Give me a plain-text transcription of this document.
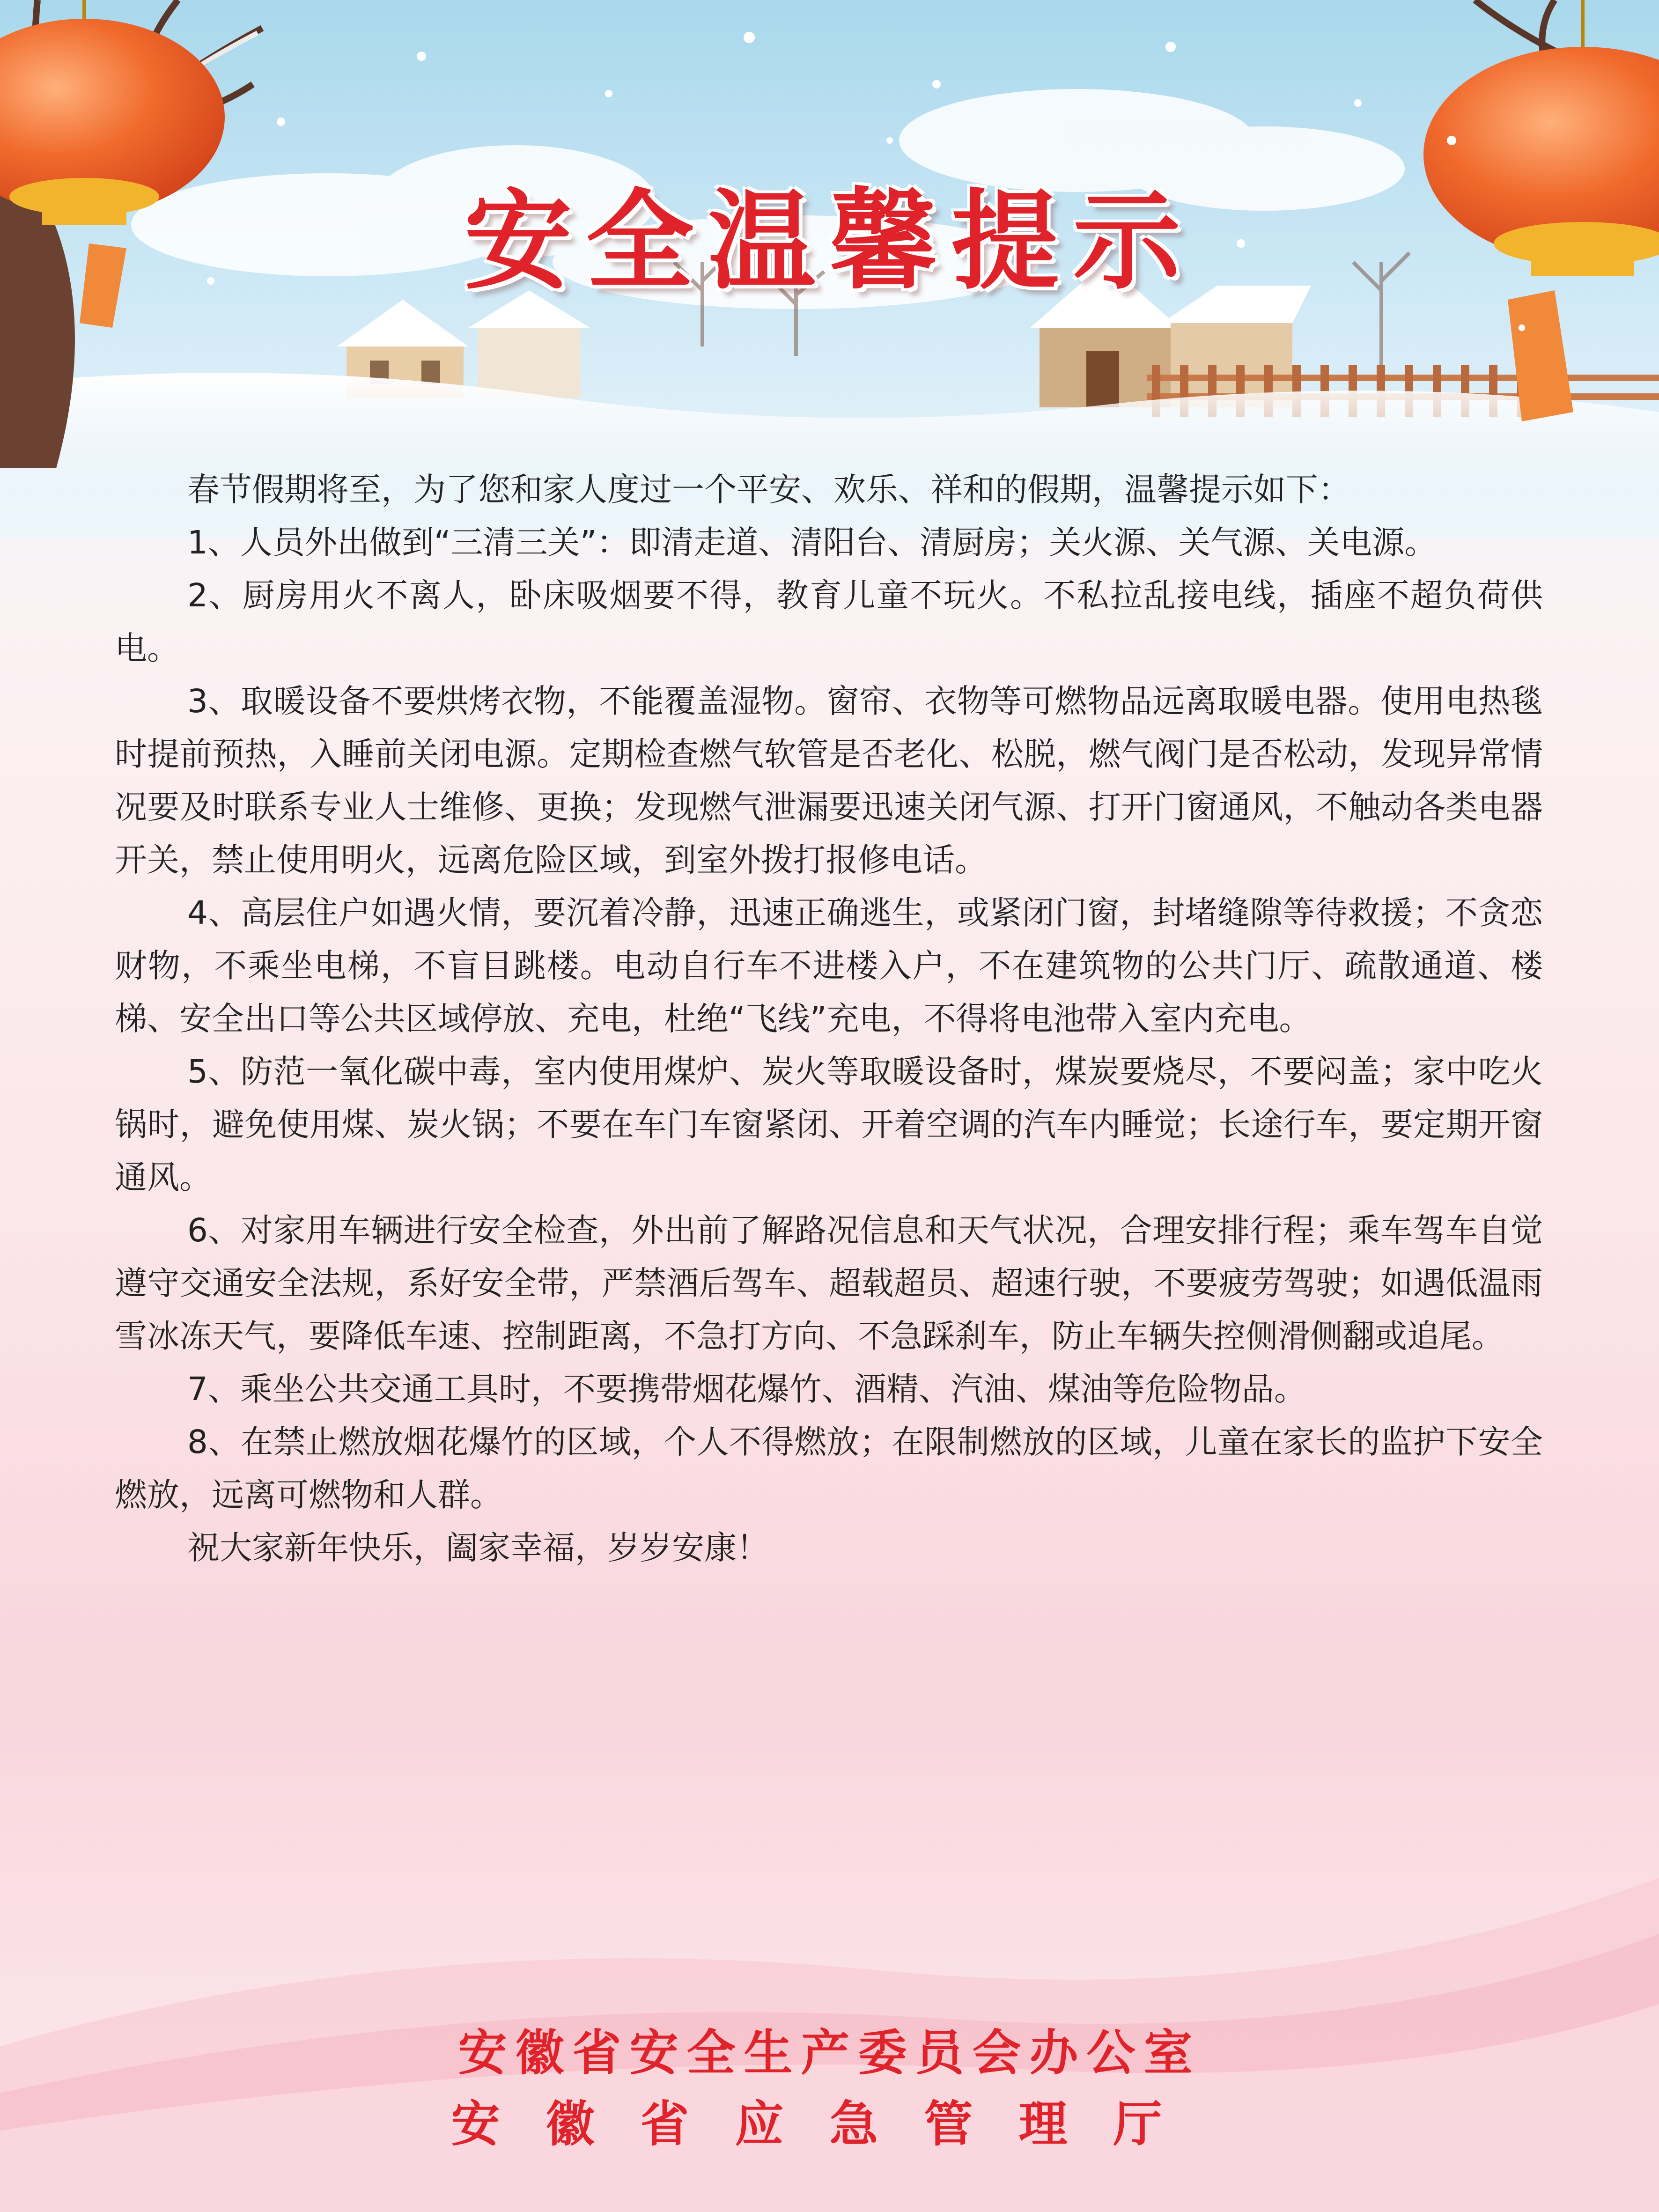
安全温馨提示

春节假期将至，为了您和家人度过一个平安、欢乐、祥和的假期，温馨提示如下：

1、人员外出做到“三清三关”：即清走道、清阳台、清厨房；关火源、关气源、关电源。

2、厨房用火不离人，卧床吸烟要不得，教育儿童不玩火。不私拉乱接电线，插座不超负荷供电。

3、取暖设备不要烘烤衣物，不能覆盖湿物。窗帘、衣物等可燃物品远离取暖电器。使用电热毯时提前预热，入睡前关闭电源。定期检查燃气软管是否老化、松脱，燃气阀门是否松动，发现异常情况要及时联系专业人士维修、更换；发现燃气泄漏要迅速关闭气源、打开门窗通风，不触动各类电器开关，禁止使用明火，远离危险区域，到室外拨打报修电话。

4、高层住户如遇火情，要沉着冷静，迅速正确逃生，或紧闭门窗，封堵缝隙等待救援；不贪恋财物，不乘坐电梯，不盲目跳楼。电动自行车不进楼入户，不在建筑物的公共门厅、疏散通道、楼梯、安全出口等公共区域停放、充电，杜绝“飞线”充电，不得将电池带入室内充电。

5、防范一氧化碳中毒，室内使用煤炉、炭火等取暖设备时，煤炭要烧尽，不要闷盖；家中吃火锅时，避免使用煤、炭火锅；不要在车门车窗紧闭、开着空调的汽车内睡觉；长途行车，要定期开窗通风。

6、对家用车辆进行安全检查，外出前了解路况信息和天气状况，合理安排行程；乘车驾车自觉遵守交通安全法规，系好安全带，严禁酒后驾车、超载超员、超速行驶，不要疲劳驾驶；如遇低温雨雪冰冻天气，要降低车速、控制距离，不急打方向、不急踩刹车，防止车辆失控侧滑侧翻或追尾。

7、乘坐公共交通工具时，不要携带烟花爆竹、酒精、汽油、煤油等危险物品。

8、在禁止燃放烟花爆竹的区域，个人不得燃放；在限制燃放的区域，儿童在家长的监护下安全燃放，远离可燃物和人群。

祝大家新年快乐，阖家幸福，岁岁安康！

安徽省安全生产委员会办公室
安徽省应急管理厅
